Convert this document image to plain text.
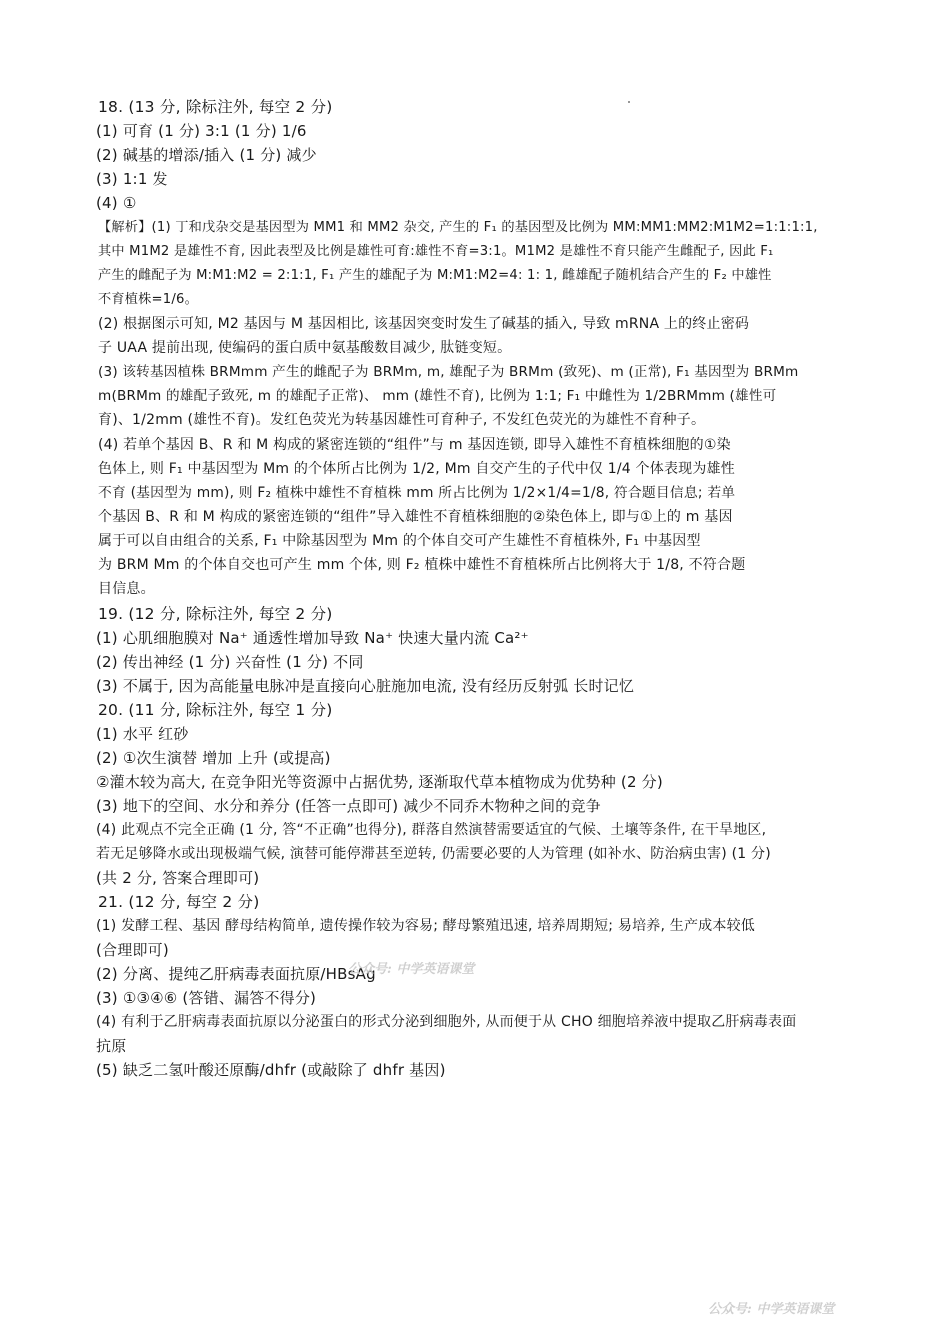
18. (13 分, 除标注外, 每空 2 分)
(1) 可育 (1 分) 3:1 (1 分) 1/6
(2) 碱基的增添/插入 (1 分) 减少
(3) 1:1 发
(4) ①
【解析】(1) 丁和戊杂交是基因型为 MM1 和 MM2 杂交, 产生的 F₁ 的基因型及比例为 MM:MM1:MM2:M1M2=1:1:1:1,
其中 M1M2 是雄性不育, 因此表型及比例是雄性可育:雄性不育=3:1。M1M2 是雄性不育只能产生雌配子, 因此 F₁
产生的雌配子为 M:M1:M2 = 2:1:1, F₁ 产生的雄配子为 M:M1:M2=4: 1: 1, 雌雄配子随机结合产生的 F₂ 中雄性
不育植株=1/6。
(2) 根据图示可知, M2 基因与 M 基因相比, 该基因突变时发生了碱基的插入, 导致 mRNA 上的终止密码
子 UAA 提前出现, 使编码的蛋白质中氨基酸数目减少, 肽链变短。
(3) 该转基因植株 BRMmm 产生的雌配子为 BRMm, m, 雄配子为 BRMm (致死)、m (正常), F₁ 基因型为 BRMm
m(BRMm 的雄配子致死, m 的雄配子正常)、 mm (雄性不育), 比例为 1:1; F₁ 中雌性为 1/2BRMmm (雄性可
育)、1/2mm (雄性不育)。发红色荧光为转基因雄性可育种子, 不发红色荧光的为雄性不育种子。
(4) 若单个基因 B、R 和 M 构成的紧密连锁的“组件”与 m 基因连锁, 即导入雄性不育植株细胞的①染
色体上, 则 F₁ 中基因型为 Mm 的个体所占比例为 1/2, Mm 自交产生的子代中仅 1/4 个体表现为雄性
不育 (基因型为 mm), 则 F₂ 植株中雄性不育植株 mm 所占比例为 1/2×1/4=1/8, 符合题目信息; 若单
个基因 B、R 和 M 构成的紧密连锁的“组件”导入雄性不育植株细胞的②染色体上, 即与①上的 m 基因
属于可以自由组合的关系, F₁ 中除基因型为 Mm 的个体自交可产生雄性不育植株外, F₁ 中基因型
为 BRM Mm 的个体自交也可产生 mm 个体, 则 F₂ 植株中雄性不育植株所占比例将大于 1/8, 不符合题
目信息。
19. (12 分, 除标注外, 每空 2 分)
(1) 心肌细胞膜对 Na⁺ 通透性增加导致 Na⁺ 快速大量内流 Ca²⁺
(2) 传出神经 (1 分) 兴奋性 (1 分) 不同
(3) 不属于, 因为高能量电脉冲是直接向心脏施加电流, 没有经历反射弧 长时记忆
20. (11 分, 除标注外, 每空 1 分)
(1) 水平 红砂
(2) ①次生演替 增加 上升 (或提高)
②灌木较为高大, 在竞争阳光等资源中占据优势, 逐渐取代草本植物成为优势种 (2 分)
(3) 地下的空间、水分和养分 (任答一点即可) 减少不同乔木物种之间的竞争
(4) 此观点不完全正确 (1 分, 答“不正确”也得分), 群落自然演替需要适宜的气候、土壤等条件, 在干旱地区,
若无足够降水或出现极端气候, 演替可能停滞甚至逆转, 仍需要必要的人为管理 (如补水、防治病虫害) (1 分)
(共 2 分, 答案合理即可)
21. (12 分, 每空 2 分)
(1) 发酵工程、基因 酵母结构简单, 遗传操作较为容易; 酵母繁殖迅速, 培养周期短; 易培养, 生产成本较低
(合理即可)
(2) 分离、提纯乙肝病毒表面抗原/HBsAg
(3) ①③④⑥ (答错、漏答不得分)
(4) 有利于乙肝病毒表面抗原以分泌蛋白的形式分泌到细胞外, 从而便于从 CHO 细胞培养液中提取乙肝病毒表面
抗原
(5) 缺乏二氢叶酸还原酶/dhfr (或敲除了 dhfr 基因)
公众号: 中学英语课堂
公众号: 中学英语课堂
